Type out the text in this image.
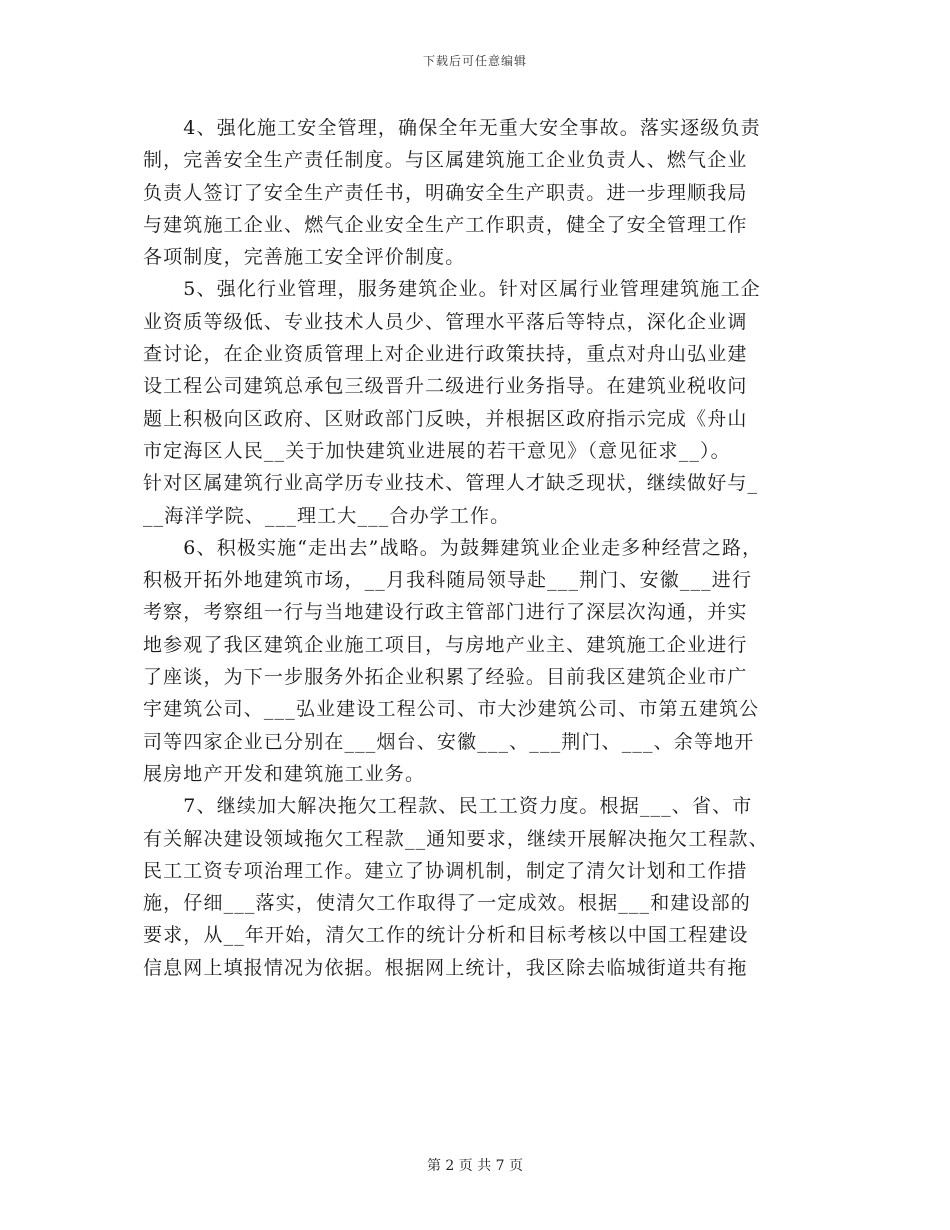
下载后可任意编辑
　　4、强化施工安全管理，确保全年无重大安全事故。落实逐级负责
制，完善安全生产责任制度。与区属建筑施工企业负责人、燃气企业
负责人签订了安全生产责任书，明确安全生产职责。进一步理顺我局
与建筑施工企业、燃气企业安全生产工作职责，健全了安全管理工作
各项制度，完善施工安全评价制度。
　　5、强化行业管理，服务建筑企业。针对区属行业管理建筑施工企
业资质等级低、专业技术人员少、管理水平落后等特点，深化企业调
查讨论，在企业资质管理上对企业进行政策扶持，重点对舟山弘业建
设工程公司建筑总承包三级晋升二级进行业务指导。在建筑业税收问
题上积极向区政府、区财政部门反映，并根据区政府指示完成《舟山
市定海区人民__关于加快建筑业进展的若干意见》（意见征求__）。
针对区属建筑行业高学历专业技术、管理人才缺乏现状，继续做好与_
__海洋学院、___理工大___合办学工作。
　　6、积极实施“走出去”战略。为鼓舞建筑业企业走多种经营之路，
积极开拓外地建筑市场，__月我科随局领导赴___荆门、安徽___进行
考察，考察组一行与当地建设行政主管部门进行了深层次沟通，并实
地参观了我区建筑企业施工项目，与房地产业主、建筑施工企业进行
了座谈，为下一步服务外拓企业积累了经验。目前我区建筑企业市广
宇建筑公司、___弘业建设工程公司、市大沙建筑公司、市第五建筑公
司等四家企业已分别在___烟台、安徽___、___荆门、___、余等地开
展房地产开发和建筑施工业务。
　　7、继续加大解决拖欠工程款、民工工资力度。根据___、省、市
有关解决建设领域拖欠工程款__通知要求，继续开展解决拖欠工程款、
民工工资专项治理工作。建立了协调机制，制定了清欠计划和工作措
施，仔细___落实，使清欠工作取得了一定成效。根据___和建设部的
要求，从__年开始，清欠工作的统计分析和目标考核以中国工程建设
信息网上填报情况为依据。根据网上统计，我区除去临城街道共有拖
第 2 页 共 7 页
